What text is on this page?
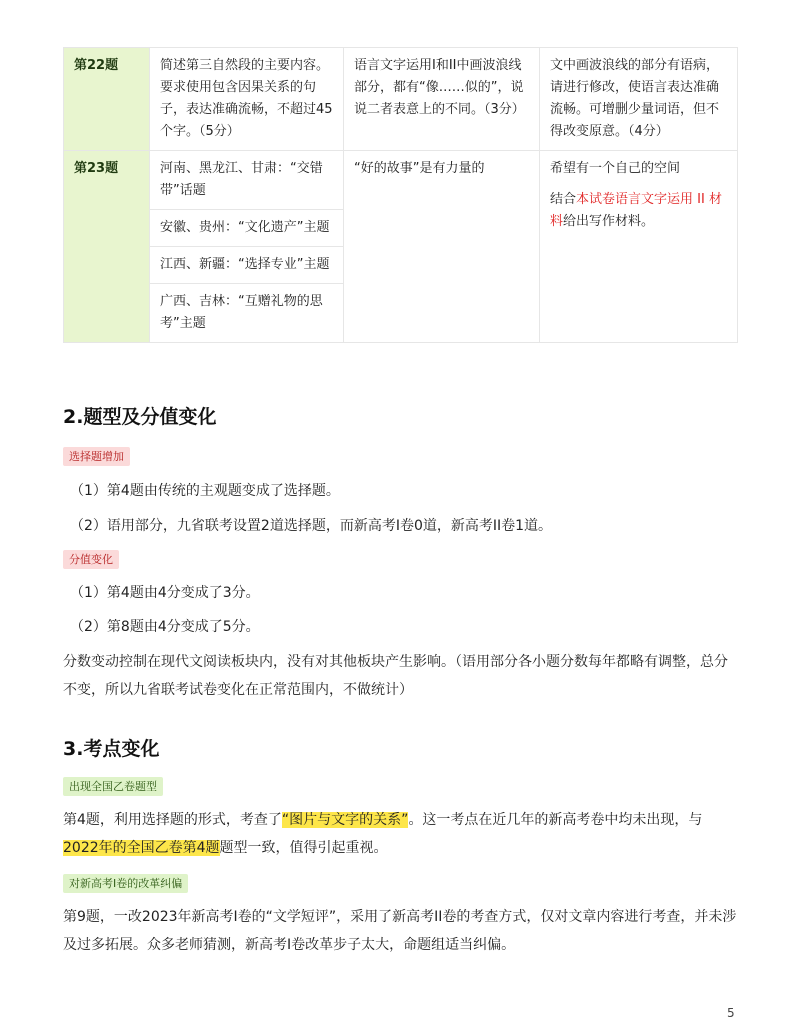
第22题	简述第三自然段的主要内容。要求使用包含因果关系的句子，表达准确流畅，不超过45个字。（5分）	语言文字运用I和II中画波浪线部分，都有“像……似的”，说说二者表意上的不同。（3分）	文中画波浪线的部分有语病，请进行修改，使语言表达准确流畅。可增删少量词语，但不得改变原意。（4分）
第23题	河南、黑龙江、甘肃：“交错带”话题	“好的故事”是有力量的	希望有一个自己的空间
结合本试卷语言文字运用 II 材料给出写作材料。

	安徽、贵州：“文化遗产”主题		
	江西、新疆：“选择专业”主题		
	广西、吉林：“互赠礼物的思考”主题		
2.题型及分值变化
选择题增加
（1）第4题由传统的主观题变成了选择题。
（2）语用部分，九省联考设置2道选择题，而新高考I卷0道，新高考II卷1道。
分值变化
（1）第4题由4分变成了3分。
（2）第8题由4分变成了5分。
分数变动控制在现代文阅读板块内，没有对其他板块产生影响。（语用部分各小题分数每年都略有调整，总分不变，所以九省联考试卷变化在正常范围内，不做统计）
3.考点变化
出现全国乙卷题型
第4题，利用选择题的形式，考查了“图片与文字的关系”。这一考点在近几年的新高考卷中均未出现，与2022年的全国乙卷第4题题型一致，值得引起重视。
对新高考I卷的改革纠偏
第9题，一改2023年新高考I卷的“文学短评”，采用了新高考II卷的考查方式，仅对文章内容进行考查，并未涉及过多拓展。众多老师猜测，新高考I卷改革步子太大，命题组适当纠偏。
5
